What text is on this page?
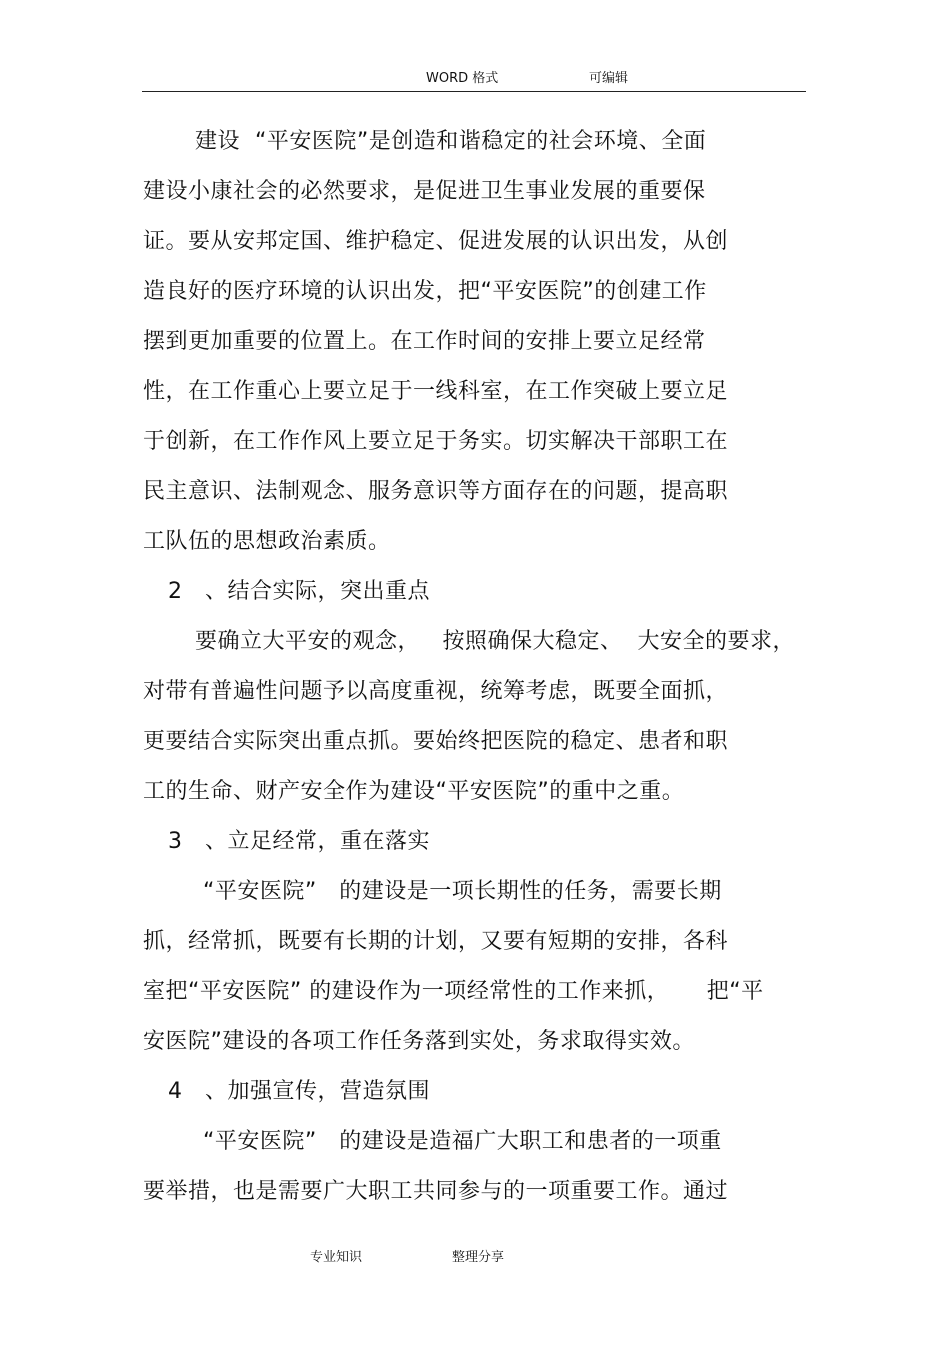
WORD 格式	可编辑
建设  “平安医院”是创造和谐稳定的社会环境、全面
建设小康社会的必然要求，是促进卫生事业发展的重要保
证。要从安邦定国、维护稳定、促进发展的认识出发，从创
造良好的医疗环境的认识出发，把“平安医院”的创建工作
摆到更加重要的位置上。在工作时间的安排上要立足经常
性，在工作重心上要立足于一线科室，在工作突破上要立足
于创新，在工作作风上要立足于务实。切实解决干部职工在
民主意识、法制观念、服务意识等方面存在的问题，提高职
工队伍的思想政治素质。
2   、结合实际，突出重点
要确立大平安的观念，   按照确保大稳定、  大安全的要求，
对带有普遍性问题予以高度重视，统筹考虑，既要全面抓，
更要结合实际突出重点抓。要始终把医院的稳定、患者和职
工的生命、财产安全作为建设“平安医院”的重中之重。
3   、立足经常，重在落实
“平安医院”   的建设是一项长期性的任务，需要长期
抓，经常抓，既要有长期的计划，又要有短期的安排，各科
室把“平安医院” 的建设作为一项经常性的工作来抓，     把“平
安医院”建设的各项工作任务落到实处，务求取得实效。
4   、加强宣传，营造氛围
“平安医院”   的建设是造福广大职工和患者的一项重
要举措，也是需要广大职工共同参与的一项重要工作。通过
专业知识	整理分享
